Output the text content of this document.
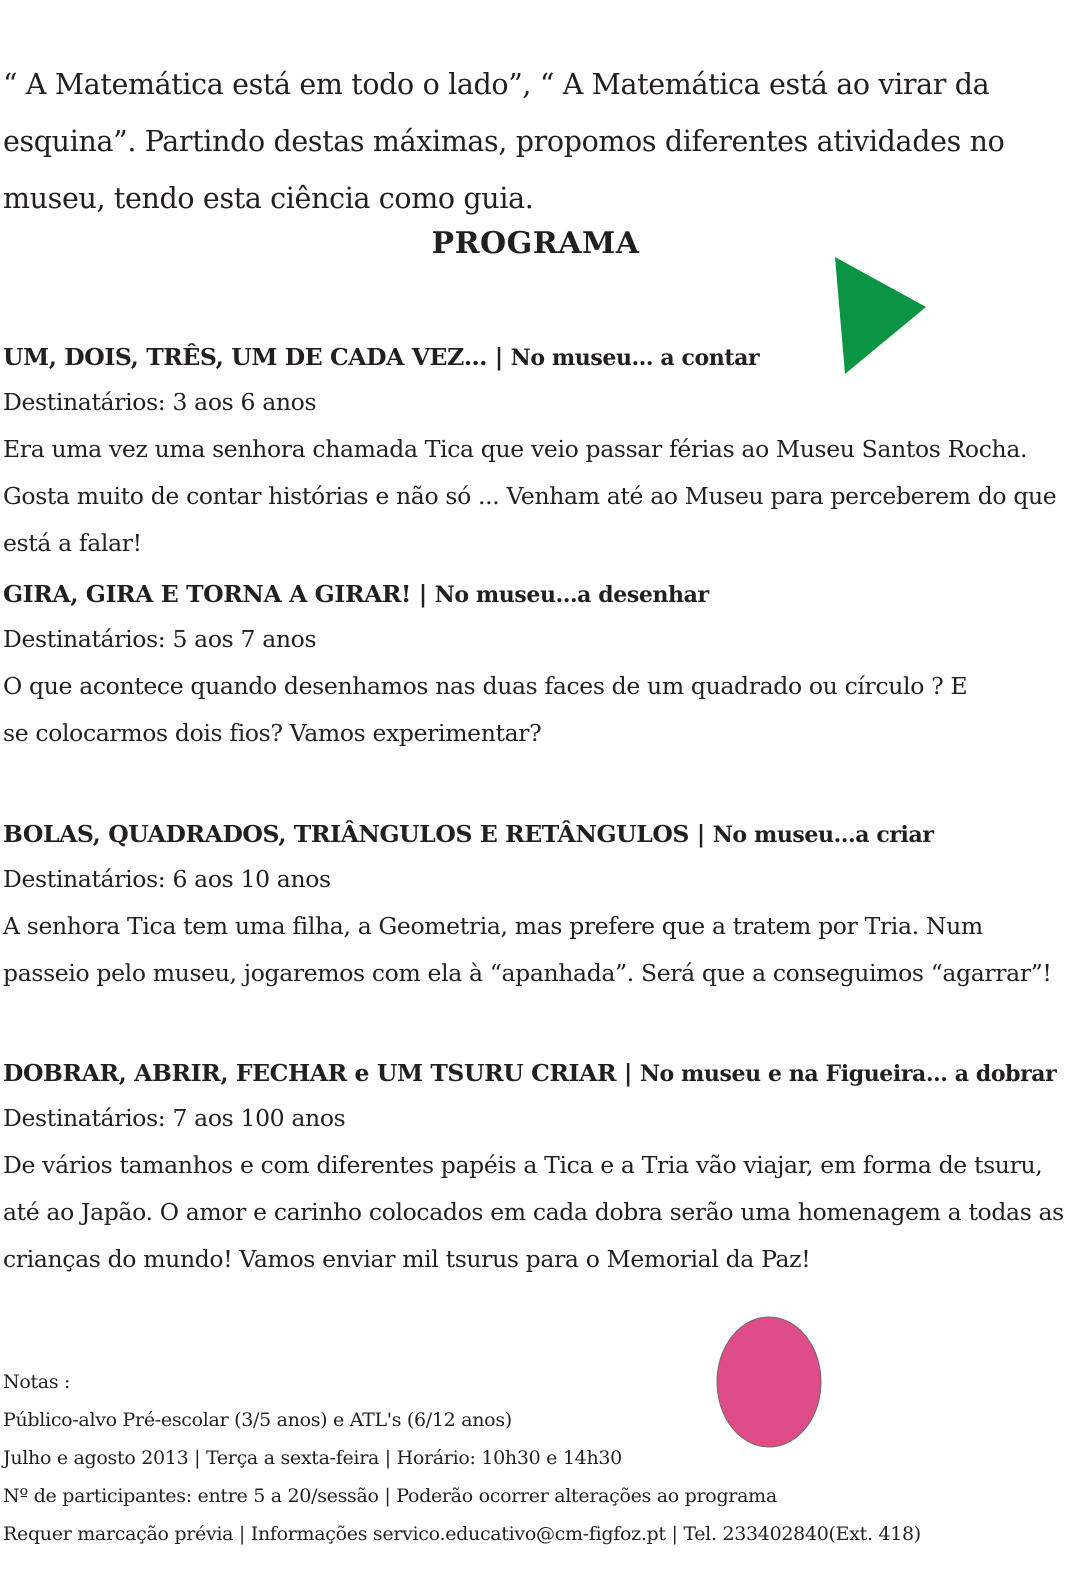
“ A Matemática está em todo o lado”, “ A Matemática está ao virar da esquina”. Partindo destas máximas, propomos diferentes atividades no museu, tendo esta ciência como guia.

PROGRAMA
UM, DOIS, TRÊS, UM DE CADA VEZ… | No museu… a contar

Destinatários: 3 aos 6 anos

Era uma vez uma senhora chamada Tica que veio passar férias ao Museu Santos Rocha. Gosta muito de contar histórias e não só ... Venham até ao Museu para perceberem do que está a falar!

GIRA, GIRA E TORNA A GIRAR! | No museu…a desenhar

Destinatários: 5 aos 7 anos

O que acontece quando desenhamos nas duas faces de um quadrado ou círculo ? E se colocarmos dois fios? Vamos experimentar?

BOLAS, QUADRADOS, TRIÂNGULOS E RETÂNGULOS | No museu…a criar

Destinatários: 6 aos 10 anos

A senhora Tica tem uma filha, a Geometria, mas prefere que a tratem por Tria. Num passeio pelo museu, jogaremos com ela à “apanhada”. Será que a conseguimos “agarrar”!

DOBRAR, ABRIR, FECHAR e UM TSURU CRIAR | No museu e na Figueira… a dobrar

Destinatários: 7 aos 100 anos

De vários tamanhos e com diferentes papéis a Tica e a Tria vão viajar, em forma de tsuru, até ao Japão. O amor e carinho colocados em cada dobra serão uma homenagem a todas as crianças do mundo! Vamos enviar mil tsurus para o Memorial da Paz!

Notas :
Público-alvo Pré-escolar (3/5 anos) e ATL's (6/12 anos)
Julho e agosto 2013 | Terça a sexta-feira | Horário: 10h30 e 14h30
Nº de participantes: entre 5 a 20/sessão | Poderão ocorrer alterações ao programa
Requer marcação prévia | Informações servico.educativo@cm-figfoz.pt | Tel. 233402840(Ext. 418)
